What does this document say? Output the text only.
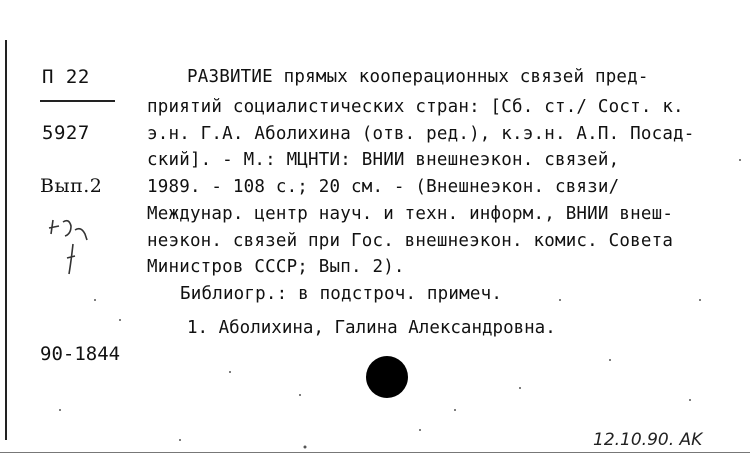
П 22
5927
Вып.2
РАЗВИТИЕ прямых кооперационных связей пред-
приятий социалистических стран: [Сб. ст./ Сост. к.
э.н. Г.А. Аболихина (отв. ред.), к.э.н. А.П. Посад-
ский]. - М.: МЦНТИ: ВНИИ внешнеэкон. связей,
1989. - 108 с.; 20 см. - (Внешнеэкон. связи/
Междунар. центр науч. и техн. информ., ВНИИ внеш-
неэкон. связей при Гос. внешнеэкон. комис. Совета
Министров СССР; Вып. 2).
Библиогр.: в подстроч. примеч.
1. Аболихина, Галина Александровна.
90-1844
12.10.90. AK
